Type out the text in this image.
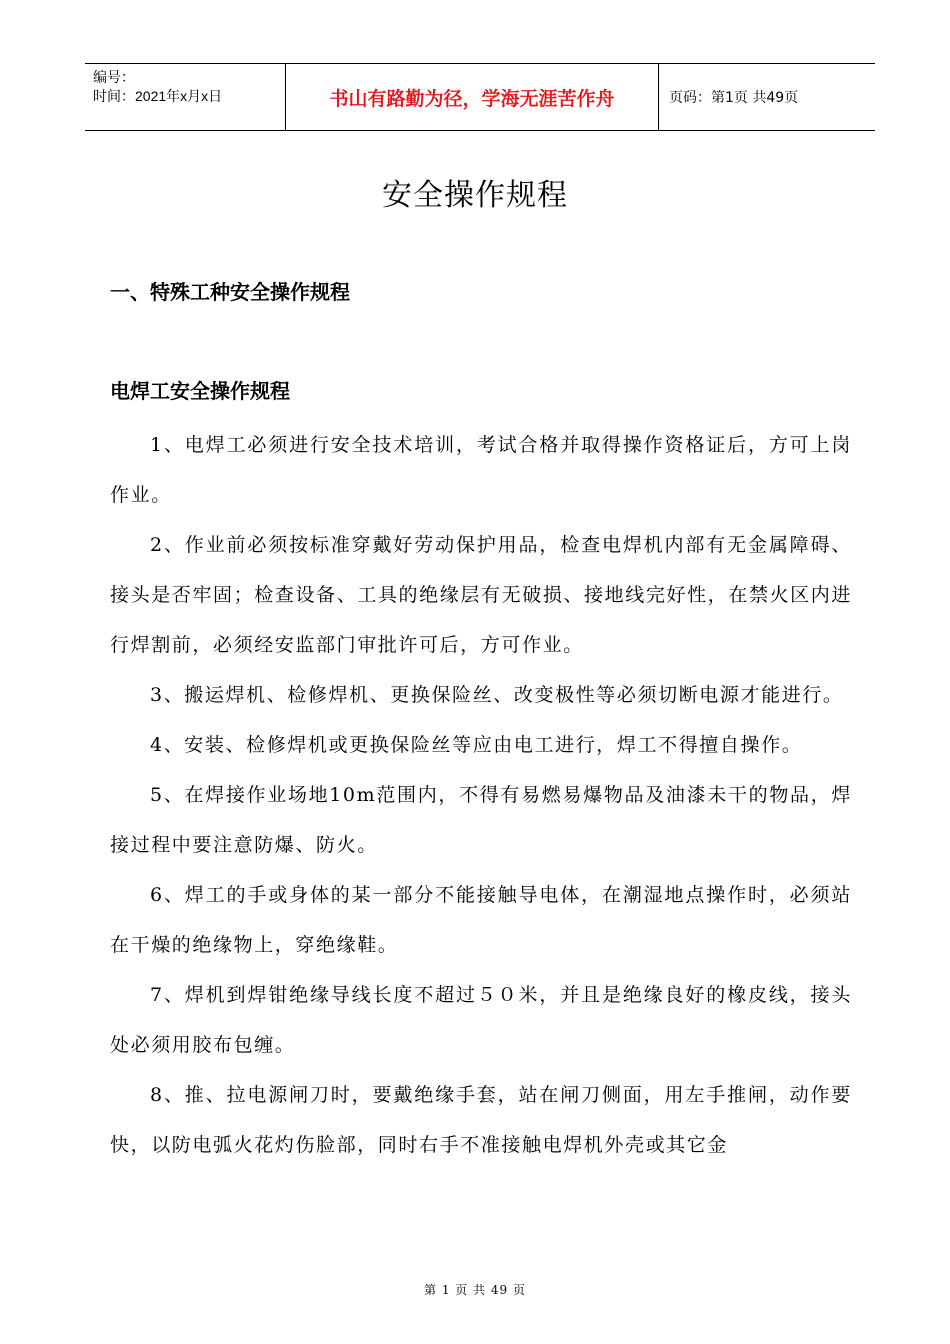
编号：
时间：2021年x月x日	书山有路勤为径，学海无涯苦作舟	页码：第1页 共49页
安全操作规程
一、特殊工种安全操作规程
电焊工安全操作规程

1、电焊工必须进行安全技术培训，考试合格并取得操作资格证后，方可上岗作业。

2、作业前必须按标准穿戴好劳动保护用品，检查电焊机内部有无金属障碍、接头是否牢固；检查设备、工具的绝缘层有无破损、接地线完好性，在禁火区内进行焊割前，必须经安监部门审批许可后，方可作业。

3、搬运焊机、检修焊机、更换保险丝、改变极性等必须切断电源才能进行。

4、安装、检修焊机或更换保险丝等应由电工进行，焊工不得擅自操作。

5、在焊接作业场地10m范围内，不得有易燃易爆物品及油漆未干的物品，焊接过程中要注意防爆、防火。

6、焊工的手或身体的某一部分不能接触导电体，在潮湿地点操作时，必须站在干燥的绝缘物上，穿绝缘鞋。

7、焊机到焊钳绝缘导线长度不超过５０米，并且是绝缘良好的橡皮线，接头处必须用胶布包缠。

8、推、拉电源闸刀时，要戴绝缘手套，站在闸刀侧面，用左手推闸，动作要快，以防电弧火花灼伤脸部，同时右手不准接触电焊机外壳或其它金

第 1 页 共 49 页
